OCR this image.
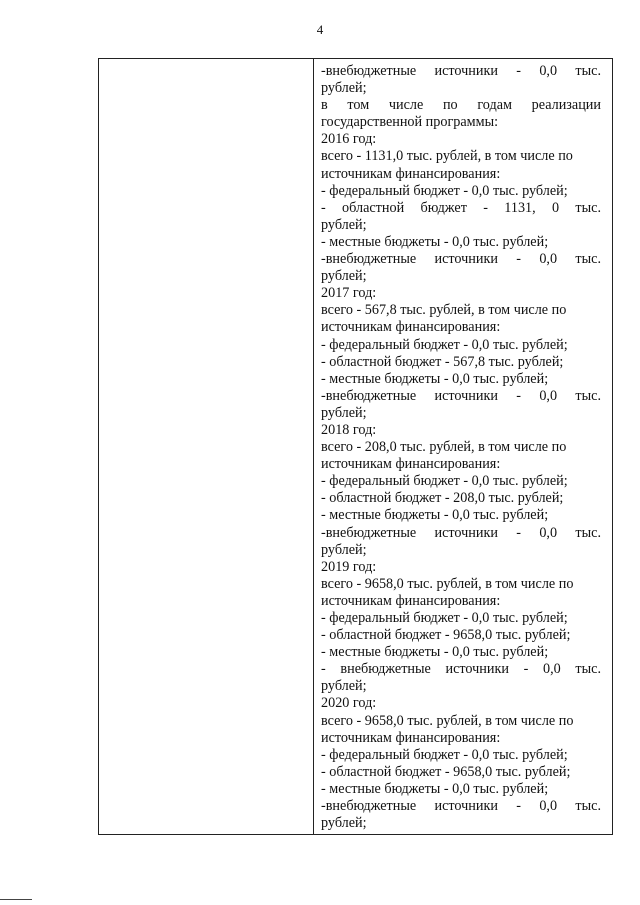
4

-внебюджетные источники - 0,0 тыс.
рублей;
в том числе по годам реализации
государственной программы:
2016 год:
всего - 1131,0 тыс. рублей, в том числе по
источникам финансирования:
- федеральный бюджет - 0,0 тыс. рублей;
- областной бюджет - 1131, 0 тыс.
рублей;
- местные бюджеты - 0,0 тыс. рублей;
-внебюджетные источники - 0,0 тыс.
рублей;
2017 год:
всего - 567,8 тыс. рублей, в том числе по
источникам финансирования:
- федеральный бюджет - 0,0 тыс. рублей;
- областной бюджет - 567,8 тыс. рублей;
- местные бюджеты - 0,0 тыс. рублей;
-внебюджетные источники - 0,0 тыс.
рублей;
2018 год:
всего - 208,0 тыс. рублей, в том числе по
источникам финансирования:
- федеральный бюджет - 0,0 тыс. рублей;
- областной бюджет - 208,0 тыс. рублей;
- местные бюджеты - 0,0 тыс. рублей;
-внебюджетные источники - 0,0 тыс.
рублей;
2019 год:
всего - 9658,0 тыс. рублей, в том числе по
источникам финансирования:
- федеральный бюджет - 0,0 тыс. рублей;
- областной бюджет - 9658,0 тыс. рублей;
- местные бюджеты - 0,0 тыс. рублей;
- внебюджетные источники - 0,0 тыс.
рублей;
2020 год:
всего - 9658,0 тыс. рублей, в том числе по
источникам финансирования:
- федеральный бюджет - 0,0 тыс. рублей;
- областной бюджет - 9658,0 тыс. рублей;
- местные бюджеты - 0,0 тыс. рублей;
-внебюджетные источники - 0,0 тыс.
рублей;
